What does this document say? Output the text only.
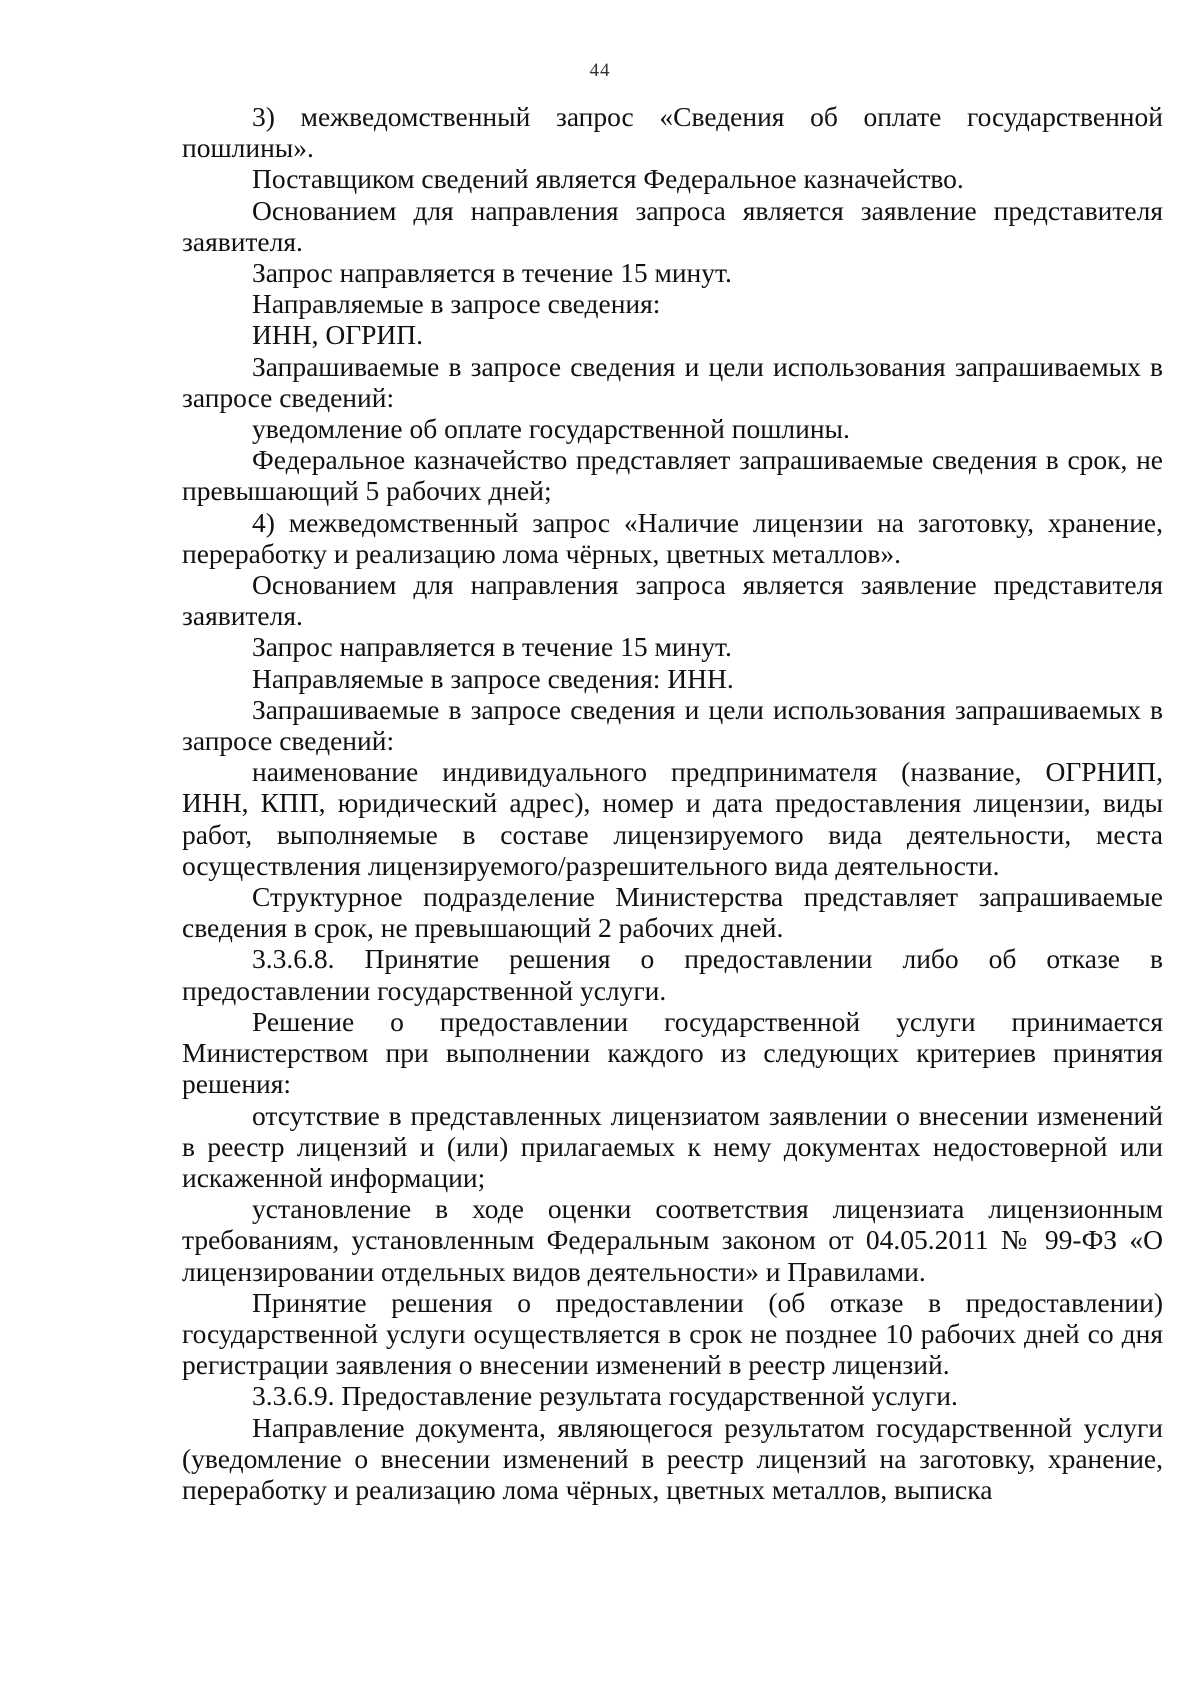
44

3) межведомственный запрос «Сведения об оплате государственной пошлины».

Поставщиком сведений является Федеральное казначейство.

Основанием для направления запроса является заявление представителя заявителя.

Запрос направляется в течение 15 минут.

Направляемые в запросе сведения:

ИНН, ОГРИП.

Запрашиваемые в запросе сведения и цели использования запрашиваемых в запросе сведений:

уведомление об оплате государственной пошлины.

Федеральное казначейство представляет запрашиваемые сведения в срок, не превышающий 5 рабочих дней;

4) межведомственный запрос «Наличие лицензии на заготовку, хранение, переработку и реализацию лома чёрных, цветных металлов».

Основанием для направления запроса является заявление представителя заявителя.

Запрос направляется в течение 15 минут.

Направляемые в запросе сведения: ИНН.

Запрашиваемые в запросе сведения и цели использования запрашиваемых в запросе сведений:

наименование индивидуального предпринимателя (название, ОГРНИП, ИНН, КПП, юридический адрес), номер и дата предоставления лицензии, виды работ, выполняемые в составе лицензируемого вида деятельности, места осуществления лицензируемого/разрешительного вида деятельности.

Структурное подразделение Министерства представляет запрашиваемые сведения в срок, не превышающий 2 рабочих дней.

3.3.6.8. Принятие решения о предоставлении либо об отказе в предоставлении государственной услуги.

Решение о предоставлении государственной услуги принимается Министерством при выполнении каждого из следующих критериев принятия решения:

отсутствие в представленных лицензиатом заявлении о внесении изменений в реестр лицензий и (или) прилагаемых к нему документах недостоверной или искаженной информации;

установление в ходе оценки соответствия лицензиата лицензионным требованиям, установленным Федеральным законом от 04.05.2011 № 99-ФЗ «О лицензировании отдельных видов деятельности» и Правилами.

Принятие решения о предоставлении (об отказе в предоставлении) государственной услуги осуществляется в срок не позднее 10 рабочих дней со дня регистрации заявления о внесении изменений в реестр лицензий.

3.3.6.9. Предоставление результата государственной услуги.

Направление документа, являющегося результатом государственной услуги (уведомление о внесении изменений в реестр лицензий на заготовку, хранение, переработку и реализацию лома чёрных, цветных металлов, выписка
